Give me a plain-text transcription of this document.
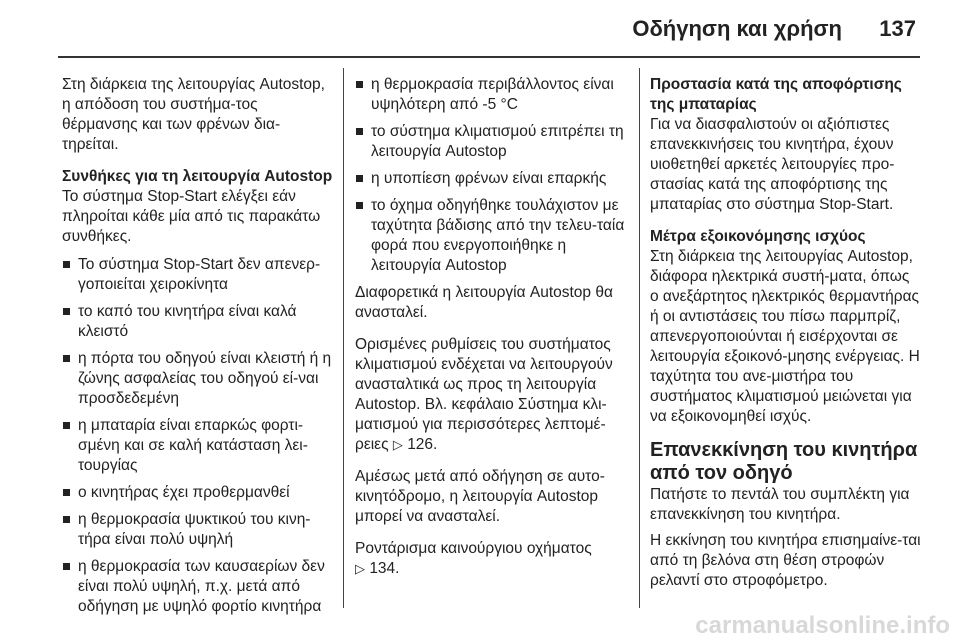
Οδήγηση και χρήση 137

Στη διάρκεια της λειτουργίας Autostop, η απόδοση του συστήμα-τος θέρμανσης και των φρένων δια-τηρείται.

Συνθήκες για τη λειτουργία Autostop

Το σύστημα Stop-Start ελέγξει εάν πληρoίται κάθε μία από τις παρακάτω συνθήκες.

Το σύστημα Stop-Start δεν απενερ-γοποιείται χειροκίνητα

το καπό του κινητήρα είναι καλά κλειστό

η πόρτα του οδηγού είναι κλειστή ή η ζώνης ασφαλείας του οδηγού εί-ναι προσδεδεμένη

η μπαταρία είναι επαρκώς φορτι-σμένη και σε καλή κατάσταση λει-τουργίας

ο κινητήρας έχει προθερμανθεί

η θερμοκρασία ψυκτικού του κινη-τήρα είναι πολύ υψηλή

η θερμοκρασία των καυσαερίων δεν είναι πολύ υψηλή, π.χ. μετά από οδήγηση με υψηλό φορτίο κινητήρα

η θερμοκρασία περιβάλλοντος είναι υψηλότερη από -5 °C

το σύστημα κλιματισμού επιτρέπει τη λειτουργία Autostop

η υποπίεση φρένων είναι επαρκής

το όχημα οδηγήθηκε τουλάχιστον με ταχύτητα βάδισης από την τελευ-ταία φορά που ενεργοποιήθηκε η λειτουργία Autostop

Διαφορετικά η λειτουργία Autostop θα ανασταλεί.

Ορισμένες ρυθμίσεις του συστήματος κλιματισμού ενδέχεται να λειτουργούν ανασταλτικά ως προς τη λειτουργία Autostop. Βλ. κεφάλαιο Σύστημα κλι-ματισμού για περισσότερες λεπτομέ-ρειες ▷ 126.

Αμέσως μετά από οδήγηση σε αυτο-κινητόδρομο, η λειτουργία Autostop μπορεί να ανασταλεί.

Ροντάρισμα καινούργιου οχήματος
▷ 134.

Προστασία κατά της αποφόρτισης της μπαταρίας

Για να διασφαλιστούν οι αξιόπιστες επανεκκινήσεις του κινητήρα, έχουν υιοθετηθεί αρκετές λειτουργίες προ-στασίας κατά της αποφόρτισης της μπαταρίας στο σύστημα Stop-Start.

Μέτρα εξοικονόμησης ισχύος

Στη διάρκεια της λειτουργίας Autostop, διάφορα ηλεκτρικά συστή-ματα, όπως ο ανεξάρτητος ηλεκτρικός θερμαντήρας ή οι αντιστάσεις του πίσω παρμπρίζ, απενεργοποιούνται ή εισέρχονται σε λειτουργία εξοικονό-μησης ενέργειας. Η ταχύτητα του ανε-μιστήρα του συστήματος κλιματισμού μειώνεται για να εξοικονομηθεί ισχύς.

Επανεκκίνηση του κινητήρα από τον οδηγό

Πατήστε το πεντάλ του συμπλέκτη για επανεκκίνηση του κινητήρα.

Η εκκίνηση του κινητήρα επισημαίνε-ται από τη βελόνα στη θέση στροφών ρελαντί στο στροφόμετρο.

carmanualsonline.info
